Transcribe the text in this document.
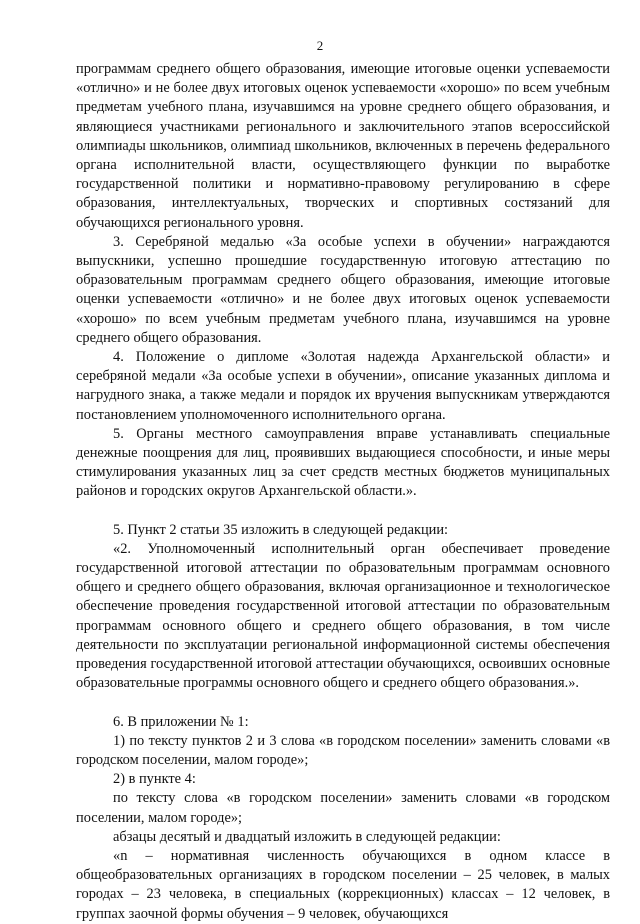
2

программам среднего общего образования, имеющие итоговые оценки успеваемости «отлично» и не более двух итоговых оценок успеваемости «хорошо» по всем учебным предметам учебного плана, изучавшимся на уровне среднего общего образования, и являющиеся участниками регионального и заключительного этапов всероссийской олимпиады школьников, олимпиад школьников, включенных в перечень федерального органа исполнительной власти, осуществляющего функции по выработке государственной политики и нормативно-правовому регулированию в сфере образования, интеллектуальных, творческих и спортивных состязаний для обучающихся регионального уровня.

3. Серебряной медалью «За особые успехи в обучении» награждаются выпускники, успешно прошедшие государственную итоговую аттестацию по образовательным программам среднего общего образования, имеющие итоговые оценки успеваемости «отлично» и не более двух итоговых оценок успеваемости «хорошо» по всем учебным предметам учебного плана, изучавшимся на уровне среднего общего образования.

4. Положение о дипломе «Золотая надежда Архангельской области» и серебряной медали «За особые успехи в обучении», описание указанных диплома и нагрудного знака, а также медали и порядок их вручения выпускникам утверждаются постановлением уполномоченного исполнительного органа.

5. Органы местного самоуправления вправе устанавливать специальные денежные поощрения для лиц, проявивших выдающиеся способности, и иные меры стимулирования указанных лиц за счет средств местных бюджетов муниципальных районов и городских округов Архангельской области.».

5. Пункт 2 статьи 35 изложить в следующей редакции:

«2. Уполномоченный исполнительный орган обеспечивает проведение государственной итоговой аттестации по образовательным программам основного общего и среднего общего образования, включая организационное и технологическое обеспечение проведения государственной итоговой аттестации по образовательным программам основного общего и среднего общего образования, в том числе деятельности по эксплуатации региональной информационной системы обеспечения проведения государственной итоговой аттестации обучающихся, освоивших основные образовательные программы основного общего и среднего общего образования.».

6. В приложении № 1:

1) по тексту пунктов 2 и 3 слова «в городском поселении» заменить словами «в городском поселении, малом городе»;

2) в пункте 4:

по тексту слова «в городском поселении» заменить словами «в городском поселении, малом городе»;

абзацы десятый и двадцатый изложить в следующей редакции:

«n – нормативная численность обучающихся в одном классе в общеобразовательных организациях в городском поселении – 25 человек, в малых городах – 23 человека, в специальных (коррекционных) классах – 12 человек, в группах заочной формы обучения – 9 человек, обучающихся
